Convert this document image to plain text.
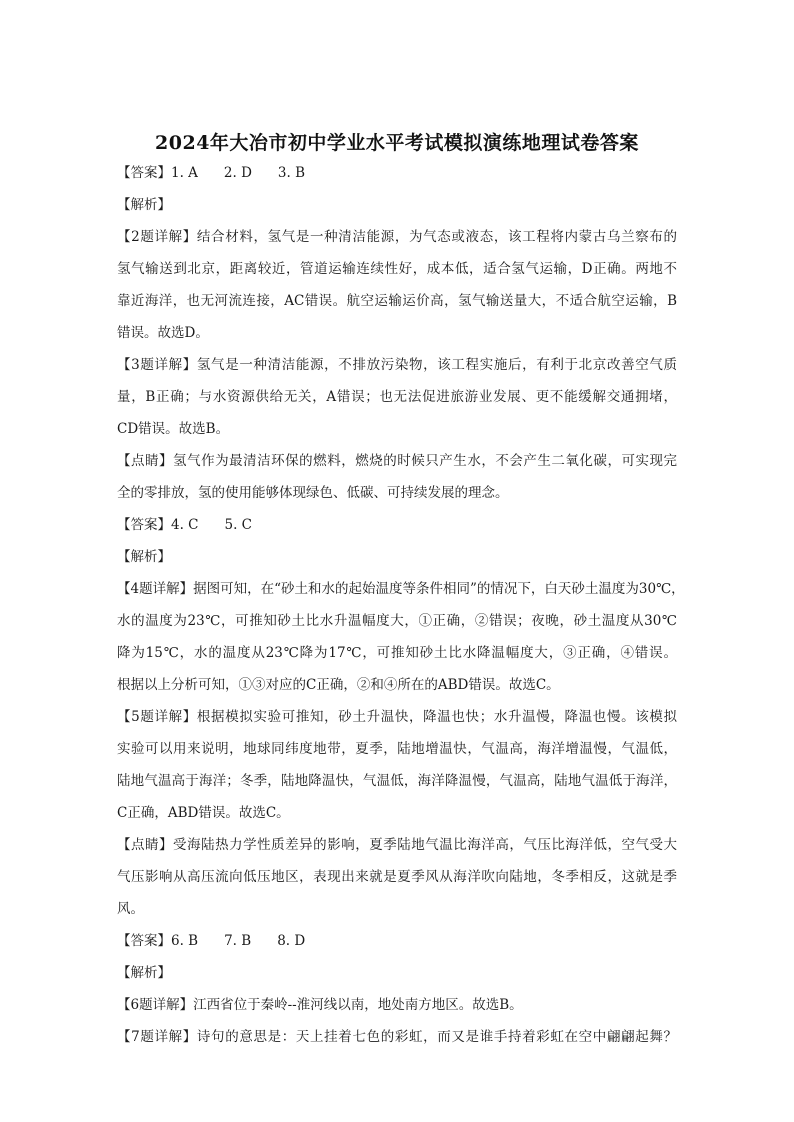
2024年大冶市初中学业水平考试模拟演练地理试卷答案
【答案】1. A 2. D 3. B
【解析】
【2题详解】结合材料，氢气是一种清洁能源，为气态或液态，该工程将内蒙古乌兰察布的
氢气输送到北京，距离较近，管道运输连续性好，成本低，适合氢气运输，D正确。两地不
靠近海洋，也无河流连接，AC错误。航空运输运价高，氢气输送量大，不适合航空运输，B
错误。故选D。
【3题详解】氢气是一种清洁能源，不排放污染物，该工程实施后，有利于北京改善空气质
量，B正确；与水资源供给无关，A错误；也无法促进旅游业发展、更不能缓解交通拥堵，
CD错误。故选B。
【点睛】氢气作为最清洁环保的燃料，燃烧的时候只产生水，不会产生二氧化碳，可实现完
全的零排放，氢的使用能够体现绿色、低碳、可持续发展的理念。
【答案】4. C 5. C
【解析】
【4题详解】据图可知，在“砂土和水的起始温度等条件相同”的情况下，白天砂土温度为30℃，
水的温度为23℃，可推知砂土比水升温幅度大，①正确，②错误；夜晚，砂土温度从30℃
降为15℃，水的温度从23℃降为17℃，可推知砂土比水降温幅度大，③正确，④错误。
根据以上分析可知，①③对应的C正确，②和④所在的ABD错误。故选C。
【5题详解】根据模拟实验可推知，砂土升温快，降温也快；水升温慢，降温也慢。该模拟
实验可以用来说明，地球同纬度地带，夏季，陆地增温快，气温高，海洋增温慢，气温低，
陆地气温高于海洋；冬季，陆地降温快，气温低，海洋降温慢，气温高，陆地气温低于海洋，
C正确，ABD错误。故选C。
【点睛】受海陆热力学性质差异的影响，夏季陆地气温比海洋高，气压比海洋低，空气受大
气压影响从高压流向低压地区，表现出来就是夏季风从海洋吹向陆地，冬季相反，这就是季
风。
【答案】6. B 7. B 8. D
【解析】
【6题详解】江西省位于秦岭--淮河线以南，地处南方地区。故选B。
【7题详解】诗句的意思是：天上挂着七色的彩虹，而又是谁手持着彩虹在空中翩翩起舞？
